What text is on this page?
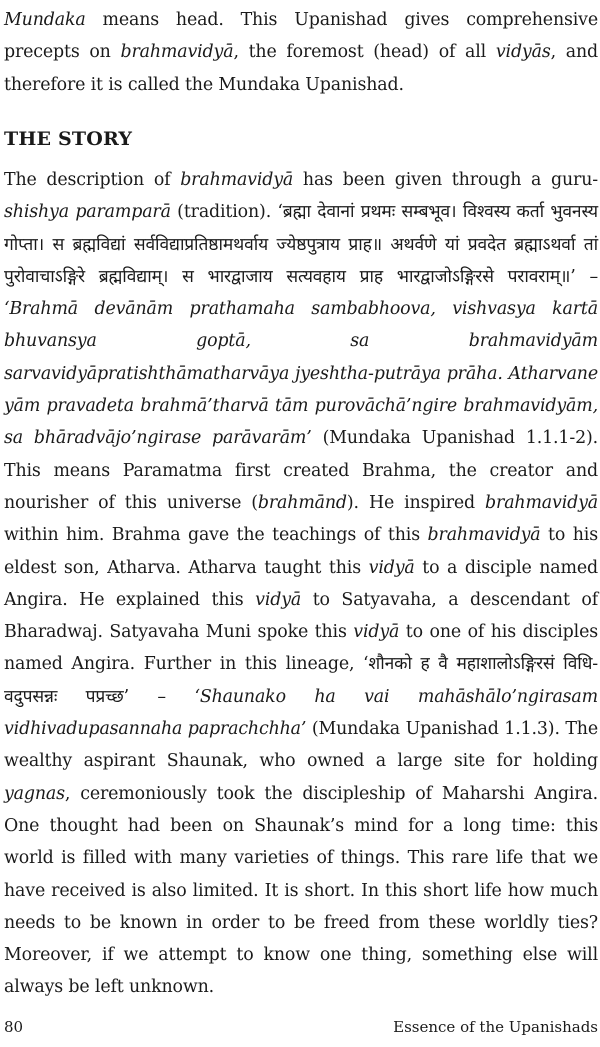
Mundaka means head. This Upanishad gives comprehensive precepts on brahmavidyā, the foremost (head) of all vidyās, and therefore it is called the Mundaka Upanishad.

THE STORY

The description of brahmavidyā has been given through a guru-shishya paramparā (tradition). ‘ब्रह्मा देवानां प्रथमः सम्बभूव। विश्वस्य कर्ता भुवनस्य गोप्ता। स ब्रह्मविद्यां सर्वविद्याप्रतिष्ठामथर्वाय ज्येष्ठपुत्राय प्राह॥ अथर्वणे यां प्रवदेत ब्रह्माऽथर्वा तां पुरोवाचाऽङ्गिरे ब्रह्मविद्याम्। स भारद्वाजाय सत्यवहाय प्राह भारद्वाजोऽङ्गिरसे परावराम्॥’ – ‘Brahmā devānām prathamaha sambabhoova, vishvasya kartā bhuvansya goptā, sa brahmavidyām sarvavidyāpratishthāmatharvāya jyeshtha-putrāya prāha. Atharvane yām pravadeta brahmā’tharvā tām purovāchā’ngire brahmavidyām, sa bhāradvājo’ngirase parāvarām’ (Mundaka Upanishad 1.1.1-2). This means Paramatma first created Brahma, the creator and nourisher of this universe (brahmānd). He inspired brahmavidyā within him. Brahma gave the teachings of this brahmavidyā to his eldest son, Atharva. Atharva taught this vidyā to a disciple named Angira. He explained this vidyā to Satyavaha, a descendant of Bharadwaj. Satyavaha Muni spoke this vidyā to one of his disciples named Angira. Further in this lineage, ‘शौनको ह वै महाशालोऽङ्गिरसं विधि-वदुपसन्नः पप्रच्छ’ – ‘Shaunako ha vai mahāshālo’ngirasam vidhivadupasannaha paprachchha’ (Mundaka Upanishad 1.1.3). The wealthy aspirant Shaunak, who owned a large site for holding yagnas, ceremoniously took the discipleship of Maharshi Angira. One thought had been on Shaunak’s mind for a long time: this world is filled with many varieties of things. This rare life that we have received is also limited. It is short. In this short life how much needs to be known in order to be freed from these worldly ties? Moreover, if we attempt to know one thing, something else will always be left unknown.

80	Essence of the Upanishads
